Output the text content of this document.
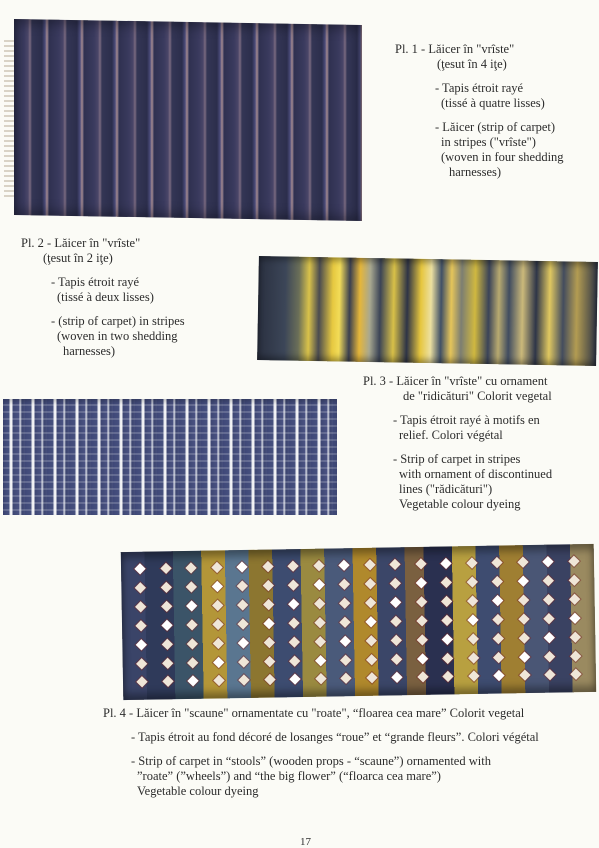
Pl. 1 - Lăicer în "vrîste"
(ţesut în 4 iţe)
- Tapis étroit rayé
(tissé à quatre lisses)
- Lăicer (strip of carpet)
in stripes ("vrîste")
(woven in four shedding
harnesses)
Pl. 2 - Lăicer în "vrîste"
(ţesut în 2 iţe)
- Tapis étroit rayé
(tissé à deux lisses)
- (strip of carpet) in stripes
(woven in two shedding
harnesses)
Pl. 3 - Lăicer în "vrîste" cu ornament
de "ridicături" Colorit vegetal
- Tapis étroit rayé à motifs en
relief. Colori végétal
- Strip of carpet in stripes
with ornament of discontinued
lines ("rădicături")
Vegetable colour dyeing
Pl. 4 - Lăicer în "scaune" ornamentate cu "roate", “floarea cea mare” Colorit vegetal
- Tapis étroit au fond décoré de losanges “roue” et “grande fleurs”. Colori végétal
- Strip of carpet in “stools” (wooden props - “scaune”) ornamented with
”roate” (”wheels”) and “the big flower” (“floarca cea mare”)
Vegetable colour dyeing
17
